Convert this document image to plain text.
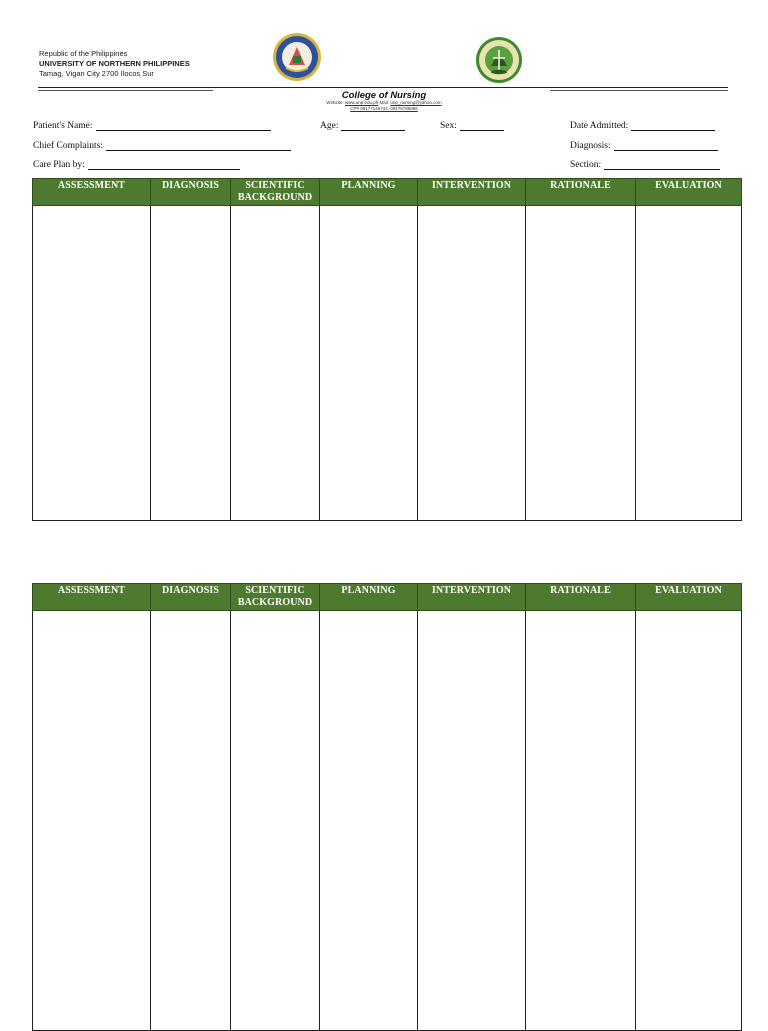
Republic of the Philippines
UNIVERSITY OF NORTHERN PHILIPPINES
Tamag, Vigan City 2700 Ilocos Sur
College of Nursing
Website: www.unp.edu.ph Mail: unp_nursing@yahoo.com
CP# 09177146744, 09175786886
Patient's Name:	Age:	Sex:	Date Admitted:
Chief Complaints:	Diagnosis:
Care Plan by:	Section:
ASSESSMENT	DIAGNOSIS	SCIENTIFIC BACKGROUND	PLANNING	INTERVENTION	RATIONALE	EVALUATION

ASSESSMENT	DIAGNOSIS	SCIENTIFIC BACKGROUND	PLANNING	INTERVENTION	RATIONALE	EVALUATION
